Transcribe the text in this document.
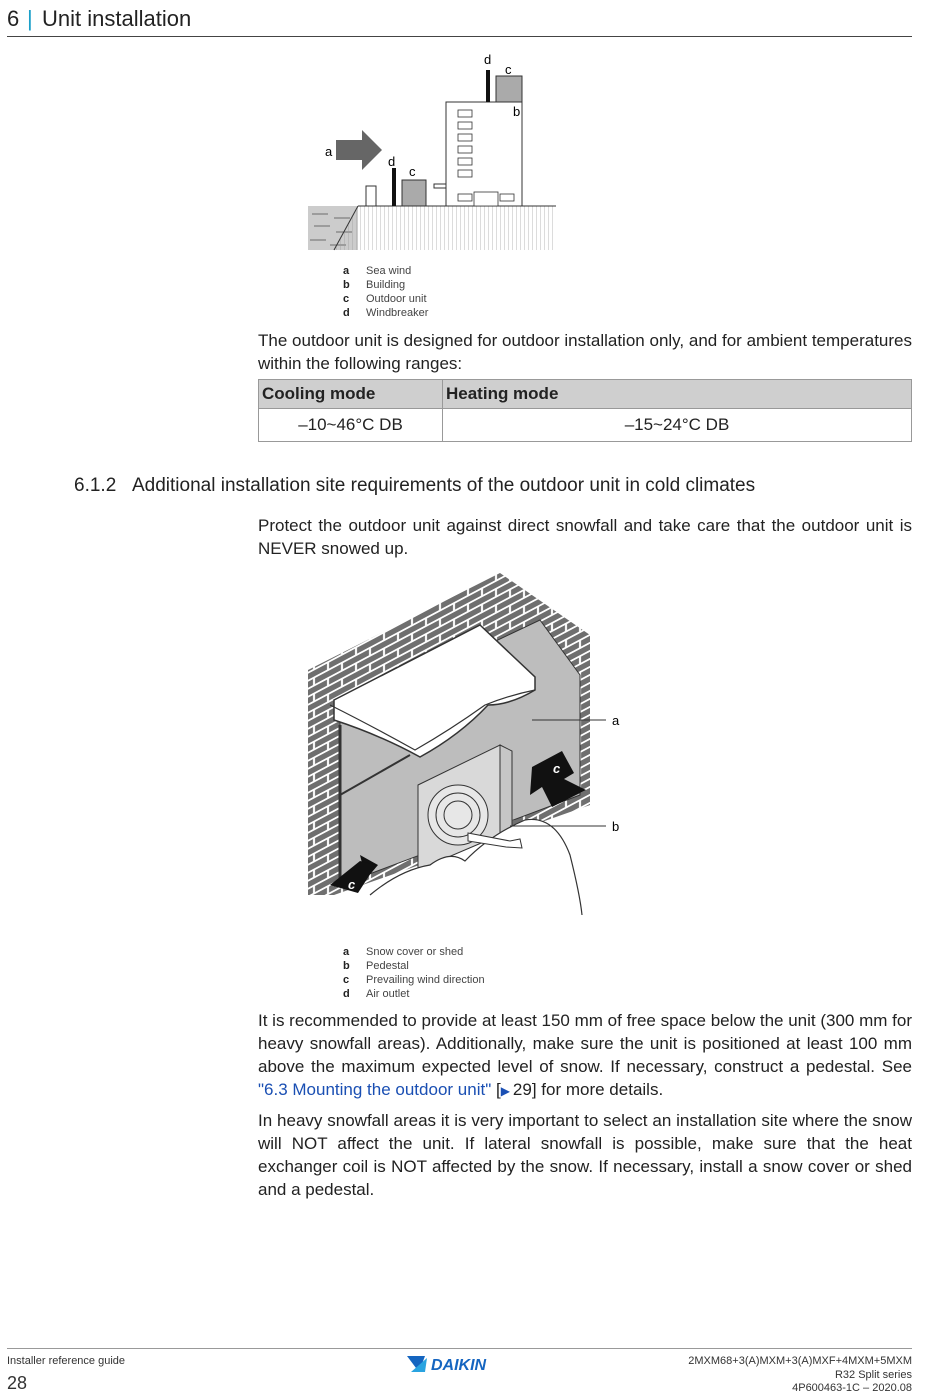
6 | Unit installation
a
d
c
d
c
b
a	Sea wind
b	Building
c	Outdoor unit
d	Windbreaker
The outdoor unit is designed for outdoor installation only, and for ambient temperatures within the following ranges:
Cooling mode	Heating mode
–10~46°C DB	–15~24°C DB
6.1.2 Additional installation site requirements of the outdoor unit in cold climates
Protect the outdoor unit against direct snowfall and take care that the outdoor unit is NEVER snowed up.
c
c
a
b
a	Snow cover or shed
b	Pedestal
c	Prevailing wind direction
d	Air outlet
It is recommended to provide at least 150 mm of free space below the unit (300 mm for heavy snowfall areas). Additionally, make sure the unit is positioned at least 100 mm above the maximum expected level of snow. If necessary, construct a pedestal. See "6.3 Mounting the outdoor unit" [▶ 29] for more details.
In heavy snowfall areas it is very important to select an installation site where the snow will NOT affect the unit. If lateral snowfall is possible, make sure that the heat exchanger coil is NOT affected by the snow. If necessary, install a snow cover or shed and a pedestal.
Installer reference guide
28
DAIKIN	2MXM68+3(A)MXM+3(A)MXF+4MXM+5MXM
R32 Split series
4P600463-1C – 2020.08
